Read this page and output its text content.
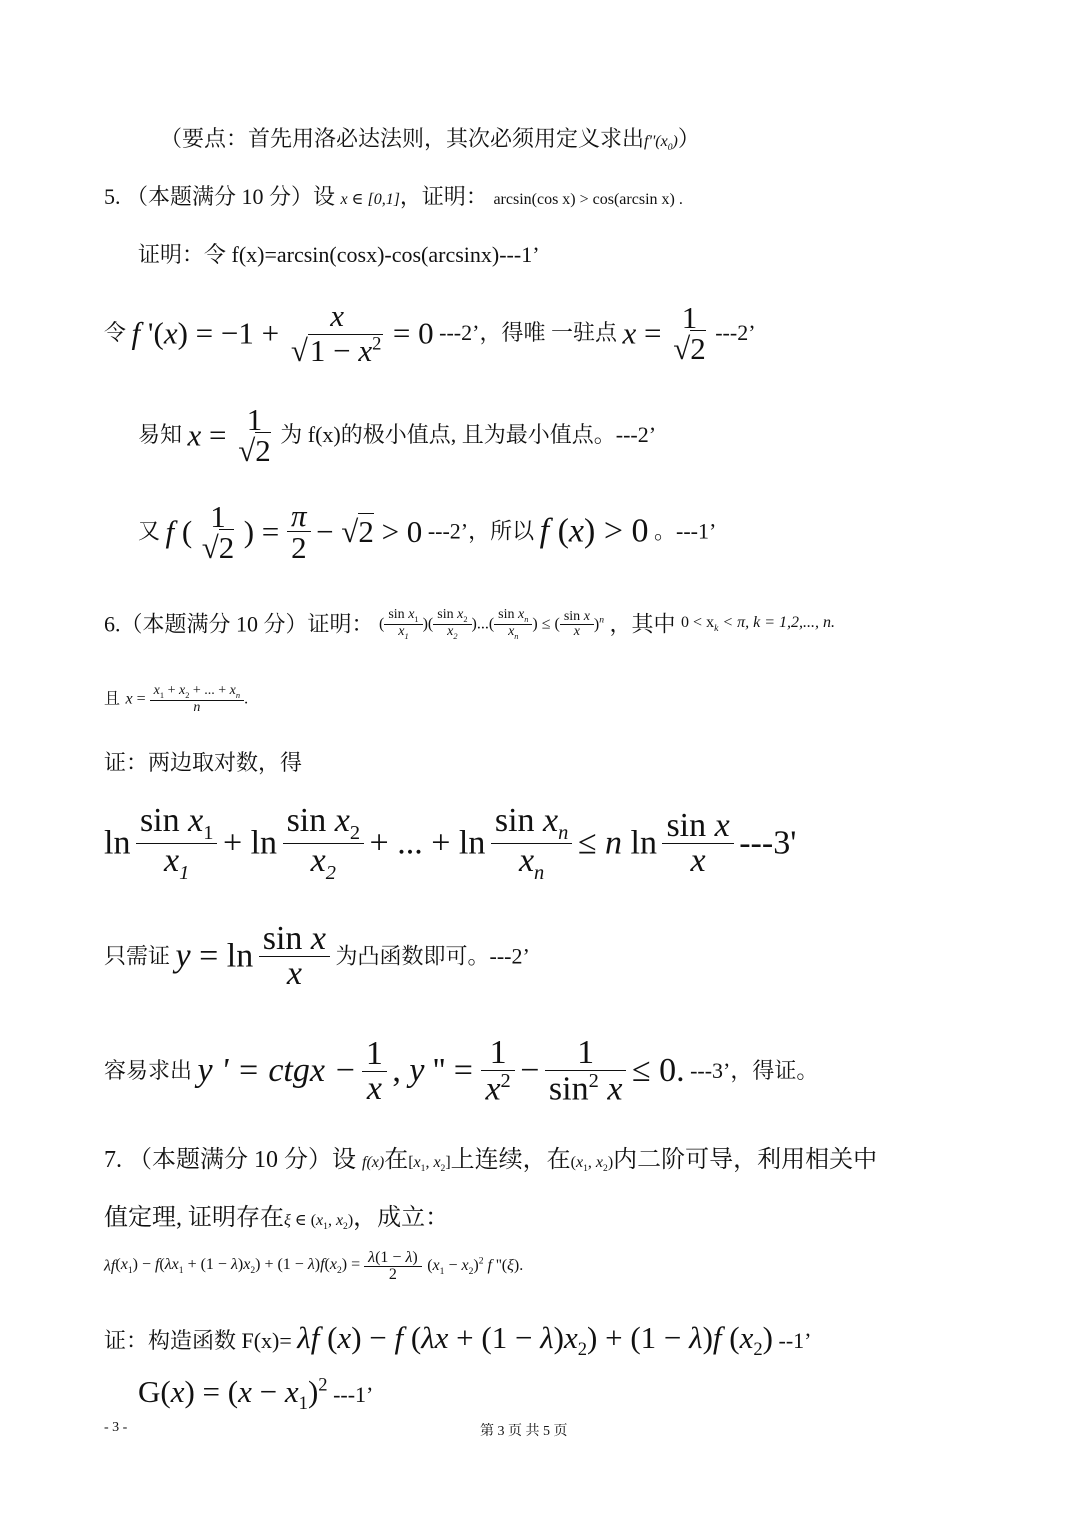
（要点：首先用洛必达法则，其次必须用定义求出$f''(x_0)$）
5. （本题满分 10 分）设 x ∈ [0,1]，证明： arcsin(cos x) > cos(arcsin x) .
证明：令 f(x)=arcsin(cosx)-cos(arcsinx)---1’
令 f '(x) = −1 +	x
$√1 - x^2 = 0$ ---2’，得唯 一驻点 x = 1
√2 ---2’
易知 x = 1
√2 为 f(x)的极小值点, 且为最小值点。---2’
又 f ( 1
√2 ) = $\frac{\pi}{2} - √2 > 0$ ---2’，所以 f (x) > 0 。---1’
6.（本题满分 10 分）证明： ( $\frac{\sin x_1}{x_1}$ )( $\frac{\sin x_2}{x_2}$ )...( $\frac{\sin x_n}{x_n}$ ) ≤ ( $\frac{\text{sin x}}{x} )^n$ ，其中 $0 < x_k < \pi$, k = 1,2,..., n.
且 $x = \frac{x_1 + x_2 + ... + x_n}{n}$ .
证：两边取对数，得
$\ln \frac{\sin x_1}{x_1} + \ln \frac{\sin x_2}{x_2}$ + ... + $\ln \frac{\sin x_n}{x_n} \le n$ $\ln \frac{\text{sin x}}{x} ---3'$
只需证 $y = \ln \frac{\text{sin x}}{x}$ 为凸函数即可。---2’
容易求出 y ' = ctgx − $\frac{1}{x}$ , y '' = $\frac{1}{x^2} - \frac{1}{\sin^2 x} \le 0$. ---3’，得证。
7. （本题满分 10 分）设 f(x)在[$x_1$, $x_2$]上连续，在($x_1$, $x_2$)内二阶可导，利用相关中
值定理, 证明存在ξ ∈ ($x_1$, $x_2$)，成立：
$\lambda f(x_1) - f(\lambda x_1 + (1 - \lambda)x_2) + (1 - \lambda)f(x_2) = \frac{\lambda(1 - \lambda)}{2} (x_1 - x_2)^2$ f ''(ξ).
证：构造函数 F(x)= λf (x) − f $(\lambda x + (1 - \lambda)x_2) + (1 - \lambda)f$ $(x_2)$ --1’
$G(x) = (x - x_1)^2$ ---1’
- 3 -	第 3 页 共 5 页
